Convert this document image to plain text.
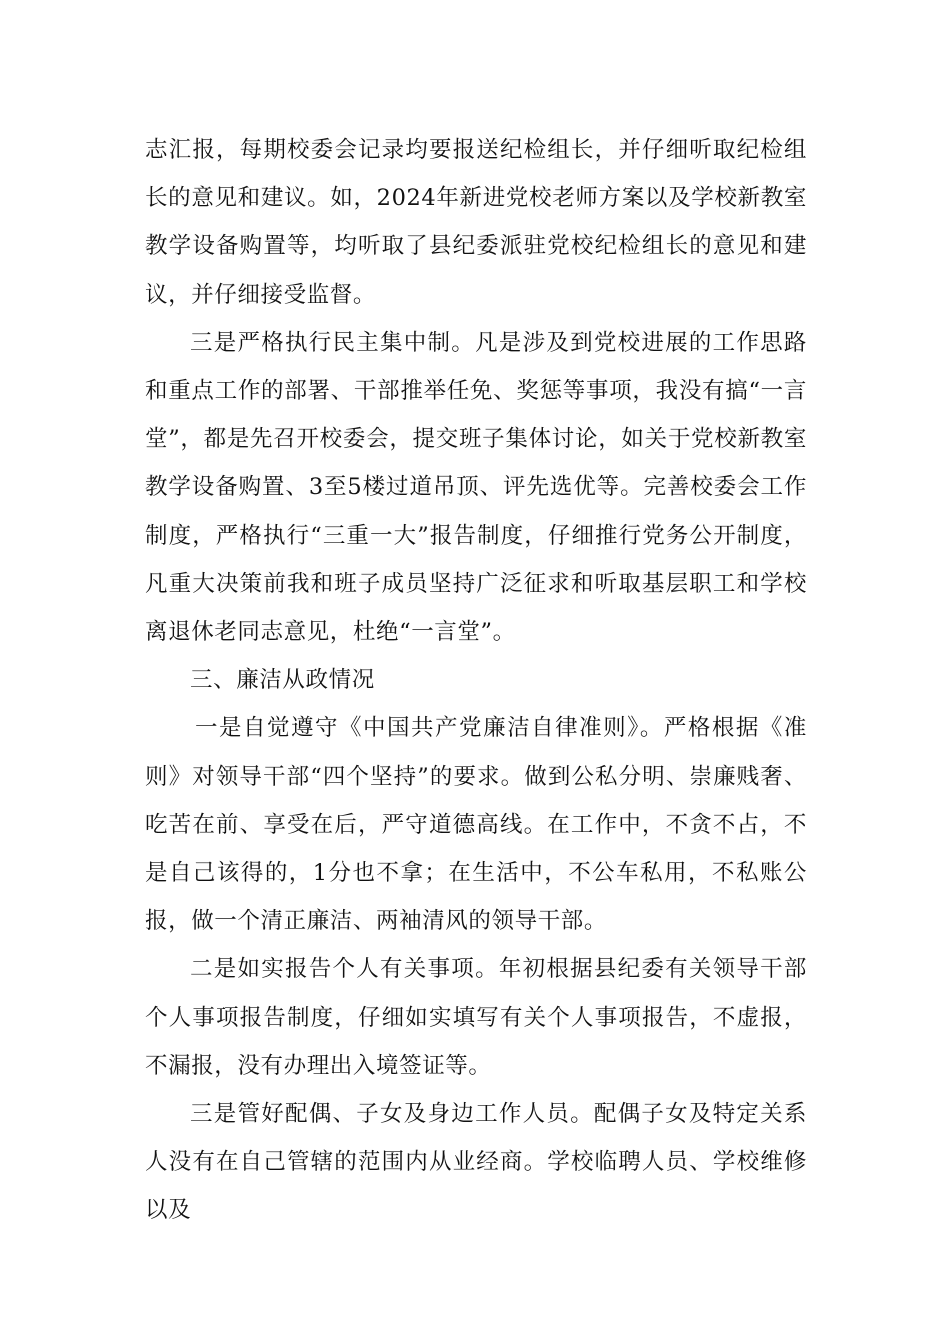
志汇报，每期校委会记录均要报送纪检组长，并仔细听取纪检组长的意见和建议。如，2024年新进党校老师方案以及学校新教室教学设备购置等，均听取了县纪委派驻党校纪检组长的意见和建议，并仔细接受监督。

三是严格执行民主集中制。凡是涉及到党校进展的工作思路和重点工作的部署、干部推举任免、奖惩等事项，我没有搞“一言堂”，都是先召开校委会，提交班子集体讨论，如关于党校新教室教学设备购置、3至5楼过道吊顶、评先选优等。完善校委会工作制度，严格执行“三重一大”报告制度，仔细推行党务公开制度，凡重大决策前我和班子成员坚持广泛征求和听取基层职工和学校离退休老同志意见，杜绝“一言堂”。

三、廉洁从政情况

一是自觉遵守《中国共产党廉洁自律准则》。严格根据《准则》对领导干部“四个坚持”的要求。做到公私分明、崇廉贱奢、吃苦在前、享受在后，严守道德高线。在工作中，不贪不占，不是自己该得的，1分也不拿；在生活中，不公车私用，不私账公报，做一个清正廉洁、两袖清风的领导干部。

二是如实报告个人有关事项。年初根据县纪委有关领导干部个人事项报告制度，仔细如实填写有关个人事项报告，不虚报，不漏报，没有办理出入境签证等。

三是管好配偶、子女及身边工作人员。配偶子女及特定关系人没有在自己管辖的范围内从业经商。学校临聘人员、学校维修以及
